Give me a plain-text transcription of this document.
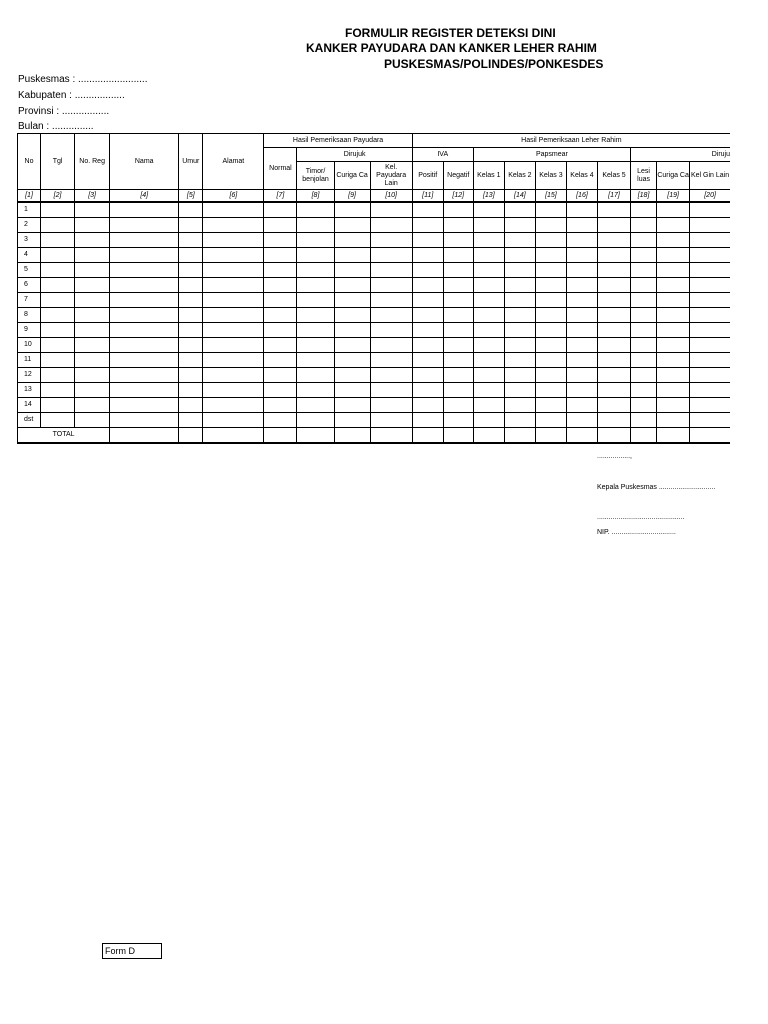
FORMULIR REGISTER DETEKSI DINI
KANKER PAYUDARA DAN KANKER LEHER RAHIM
PUSKESMAS/POLINDES/PONKESDES
Puskesmas : .........................
Kabupaten : ..................
Provinsi : .................
Bulan : ...............
No	Tgl	No. Reg	Nama	Umur	Alamat	Hasil Pemeriksaan Payudara				Hasil Pemeriksaan Leher Rahim									
						Normal	Dirujuk			IVA		Papsmear					Diruju		
							Timor/ benjolan	Curiga Ca	Kel. Payudara Lain	Positif	Negatif	Kelas 1	Kelas 2	Kelas 3	Kelas 4	Kelas 5	Lesi luas	Curiga Ca	Kel Gin Lain
[1]	[2]	[3]	[4]	[5]	[6]	[7]	[8]	[9]	[10]	[11]	[12]	[13]	[14]	[15]	[16]	[17]	[18]	[19]	[20]
1																			
2																			
3																			
4																			
5																			
6																			
7																			
8																			
9																			
10																			
11																			
12																			
13																			
14																			
dst																			
TOTAL																			
.................,
Kepala Puskesmas .............................
.............................................
NIP. .................................
Form D
